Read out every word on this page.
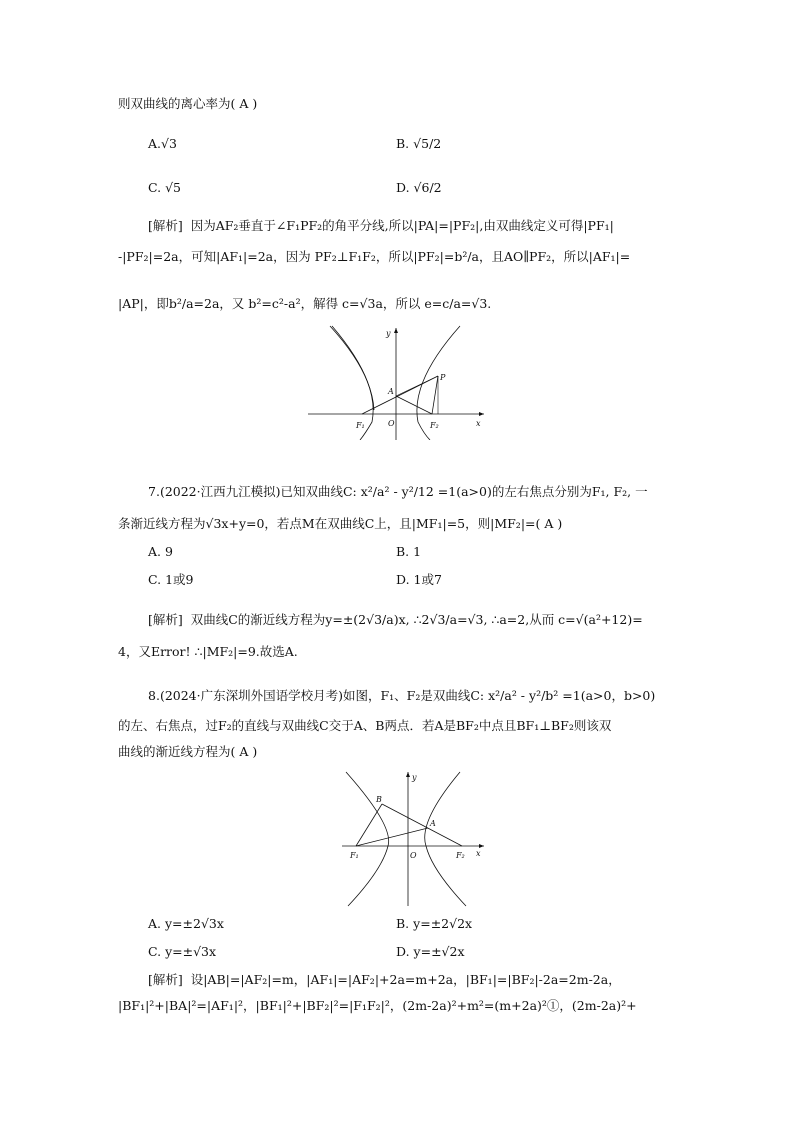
则双曲线的离心率为( A )
A.√3	B. √5/2
C. √5	D. √6/2
[解析] 因为AF₂垂直于∠F₁PF₂的角平分线,所以|PA|=|PF₂|,由双曲线定义可得|PF₁|
-|PF₂|=2a，可知|AF₁|=2a，因为 PF₂⊥F₁F₂，所以|PF₂|=b²/a，且AO∥PF₂，所以|AF₁|=
|AP|，即b²/a=2a，又 b²=c²-a²，解得 c=√3a，所以 e=c/a=√3.
y
x
A
P
O
F₁	F₂
7.(2022·江西九江模拟)已知双曲线C: x²/a² - y²/12 =1(a>0)的左右焦点分别为F₁, F₂, 一
条渐近线方程为√3x+y=0，若点M在双曲线C上，且|MF₁|=5，则|MF₂|=( A )
A. 9	B. 1
C. 1或9	D. 1或7
[解析] 双曲线C的渐近线方程为y=±(2√3/a)x, ∴2√3/a=√3, ∴a=2,从而 c=√(a²+12)=
4，又Error! ∴|MF₂|=9.故选A.
8.(2024·广东深圳外国语学校月考)如图，F₁、F₂是双曲线C: x²/a² - y²/b² =1(a>0，b>0)
的左、右焦点，过F₂的直线与双曲线C交于A、B两点．若A是BF₂中点且BF₁⊥BF₂则该双
曲线的渐近线方程为( A )
y
x
B
A
O
F₁	F₂
A. y=±2√3x	B. y=±2√2x
C. y=±√3x	D. y=±√2x
[解析] 设|AB|=|AF₂|=m，|AF₁|=|AF₂|+2a=m+2a，|BF₁|=|BF₂|-2a=2m-2a，
|BF₁|²+|BA|²=|AF₁|²，|BF₁|²+|BF₂|²=|F₁F₂|²，(2m-2a)²+m²=(m+2a)²①，(2m-2a)²+
